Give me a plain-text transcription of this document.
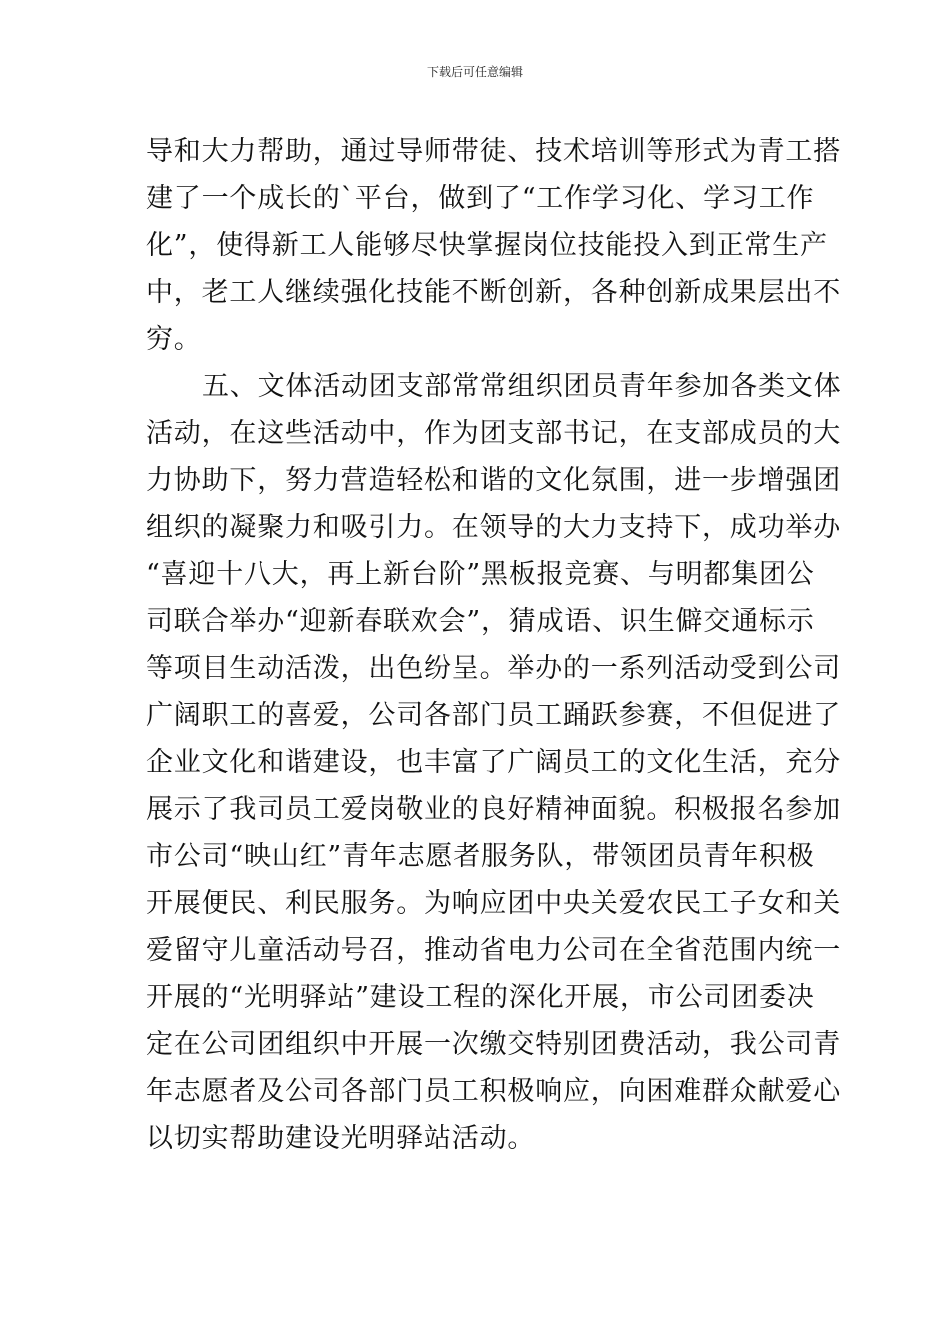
下载后可任意编辑
导和大力帮助，通过导师带徒、技术培训等形式为青工搭
建了一个成长的`平台，做到了“工作学习化、学习工作
化”，使得新工人能够尽快掌握岗位技能投入到正常生产
中，老工人继续强化技能不断创新，各种创新成果层出不
穷。
五、文体活动团支部常常组织团员青年参加各类文体
活动，在这些活动中，作为团支部书记，在支部成员的大
力协助下，努力营造轻松和谐的文化氛围，进一步增强团
组织的凝聚力和吸引力。在领导的大力支持下，成功举办
“喜迎十八大，再上新台阶”黑板报竞赛、与明都集团公
司联合举办“迎新春联欢会”，猜成语、识生僻交通标示
等项目生动活泼，出色纷呈。举办的一系列活动受到公司
广阔职工的喜爱，公司各部门员工踊跃参赛，不但促进了
企业文化和谐建设，也丰富了广阔员工的文化生活，充分
展示了我司员工爱岗敬业的良好精神面貌。积极报名参加
市公司“映山红”青年志愿者服务队，带领团员青年积极
开展便民、利民服务。为响应团中央关爱农民工子女和关
爱留守儿童活动号召，推动省电力公司在全省范围内统一
开展的“光明驿站”建设工程的深化开展，市公司团委决
定在公司团组织中开展一次缴交特别团费活动，我公司青
年志愿者及公司各部门员工积极响应，向困难群众献爱心
以切实帮助建设光明驿站活动。
